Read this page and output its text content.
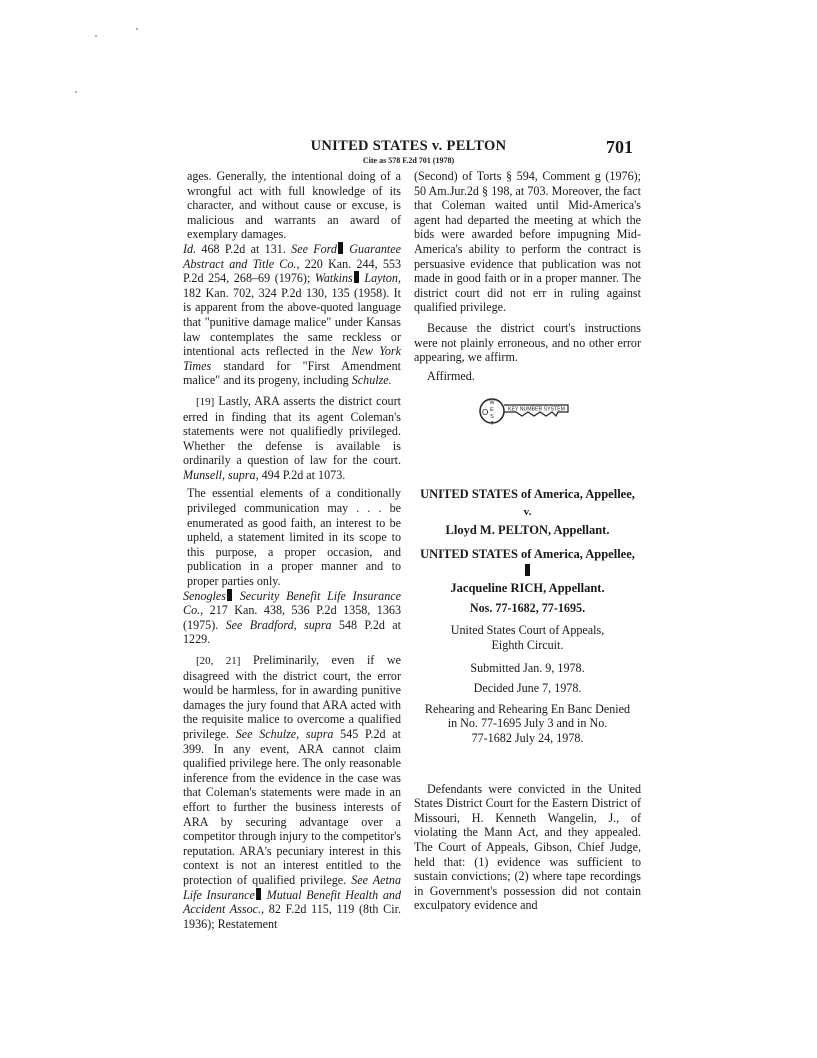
UNITED STATES v. PELTON
Cite as 578 F.2d 701 (1978)
701

ages. Generally, the intentional doing of a wrongful act with full knowledge of its character, and without cause or excuse, is malicious and warrants an award of exemplary damages.

Id. 468 P.2d at 131. See Ford Guarantee Abstract and Title Co., 220 Kan. 244, 553 P.2d 254, 268–69 (1976); Watkins Layton, 182 Kan. 702, 324 P.2d 130, 135 (1958). It is apparent from the above-quoted language that "punitive damage malice" under Kansas law contemplates the same reckless or intentional acts reflected in the New York Times standard for "First Amendment malice" and its progeny, including Schulze.

[19] Lastly, ARA asserts the district court erred in finding that its agent Coleman's statements were not qualifiedly privileged. Whether the defense is available is ordinarily a question of law for the court. Munsell, supra, 494 P.2d at 1073.

The essential elements of a conditionally privileged communication may . . . be enumerated as good faith, an interest to be upheld, a statement limited in its scope to this purpose, a proper occasion, and publication in a proper manner and to proper parties only.

Senogles Security Benefit Life Insurance Co., 217 Kan. 438, 536 P.2d 1358, 1363 (1975). See Bradford, supra 548 P.2d at 1229.

[20, 21] Preliminarily, even if we disagreed with the district court, the error would be harmless, for in awarding punitive damages the jury found that ARA acted with the requisite malice to overcome a qualified privilege. See Schulze, supra 545 P.2d at 399. In any event, ARA cannot claim qualified privilege here. The only reasonable inference from the evidence in the case was that Coleman's statements were made in an effort to further the business interests of ARA by securing advantage over a competitor through injury to the competitor's reputation. ARA's pecuniary interest in this context is not an interest entitled to the protection of qualified privilege. See Aetna Life Insurance Mutual Benefit Health and Accident Assoc., 82 F.2d 115, 119 (8th Cir. 1936); Restatement

(Second) of Torts § 594, Comment g (1976); 50 Am.Jur.2d § 198, at 703. Moreover, the fact that Coleman waited until Mid-America's agent had departed the meeting at which the bids were awarded before impugning Mid-America's ability to perform the contract is persuasive evidence that publication was not made in good faith or in a proper manner. The district court did not err in ruling against qualified privilege.

Because the district court's instructions were not plainly erroneous, and no other error appearing, we affirm.

Affirmed.

O
W
E
S
T
KEY NUMBER SYSTEM

UNITED STATES of America, Appellee,

v.

Lloyd M. PELTON, Appellant.

UNITED STATES of America, Appellee,

Jacqueline RICH, Appellant.

Nos. 77-1682, 77-1695.

United States Court of Appeals,

Eighth Circuit.

Submitted Jan. 9, 1978.

Decided June 7, 1978.

Rehearing and Rehearing En Banc Denied

in No. 77-1695 July 3 and in No.

77-1682 July 24, 1978.

Defendants were convicted in the United States District Court for the Eastern District of Missouri, H. Kenneth Wangelin, J., of violating the Mann Act, and they appealed. The Court of Appeals, Gibson, Chief Judge, held that: (1) evidence was sufficient to sustain convictions; (2) where tape recordings in Government's possession did not contain exculpatory evidence and
